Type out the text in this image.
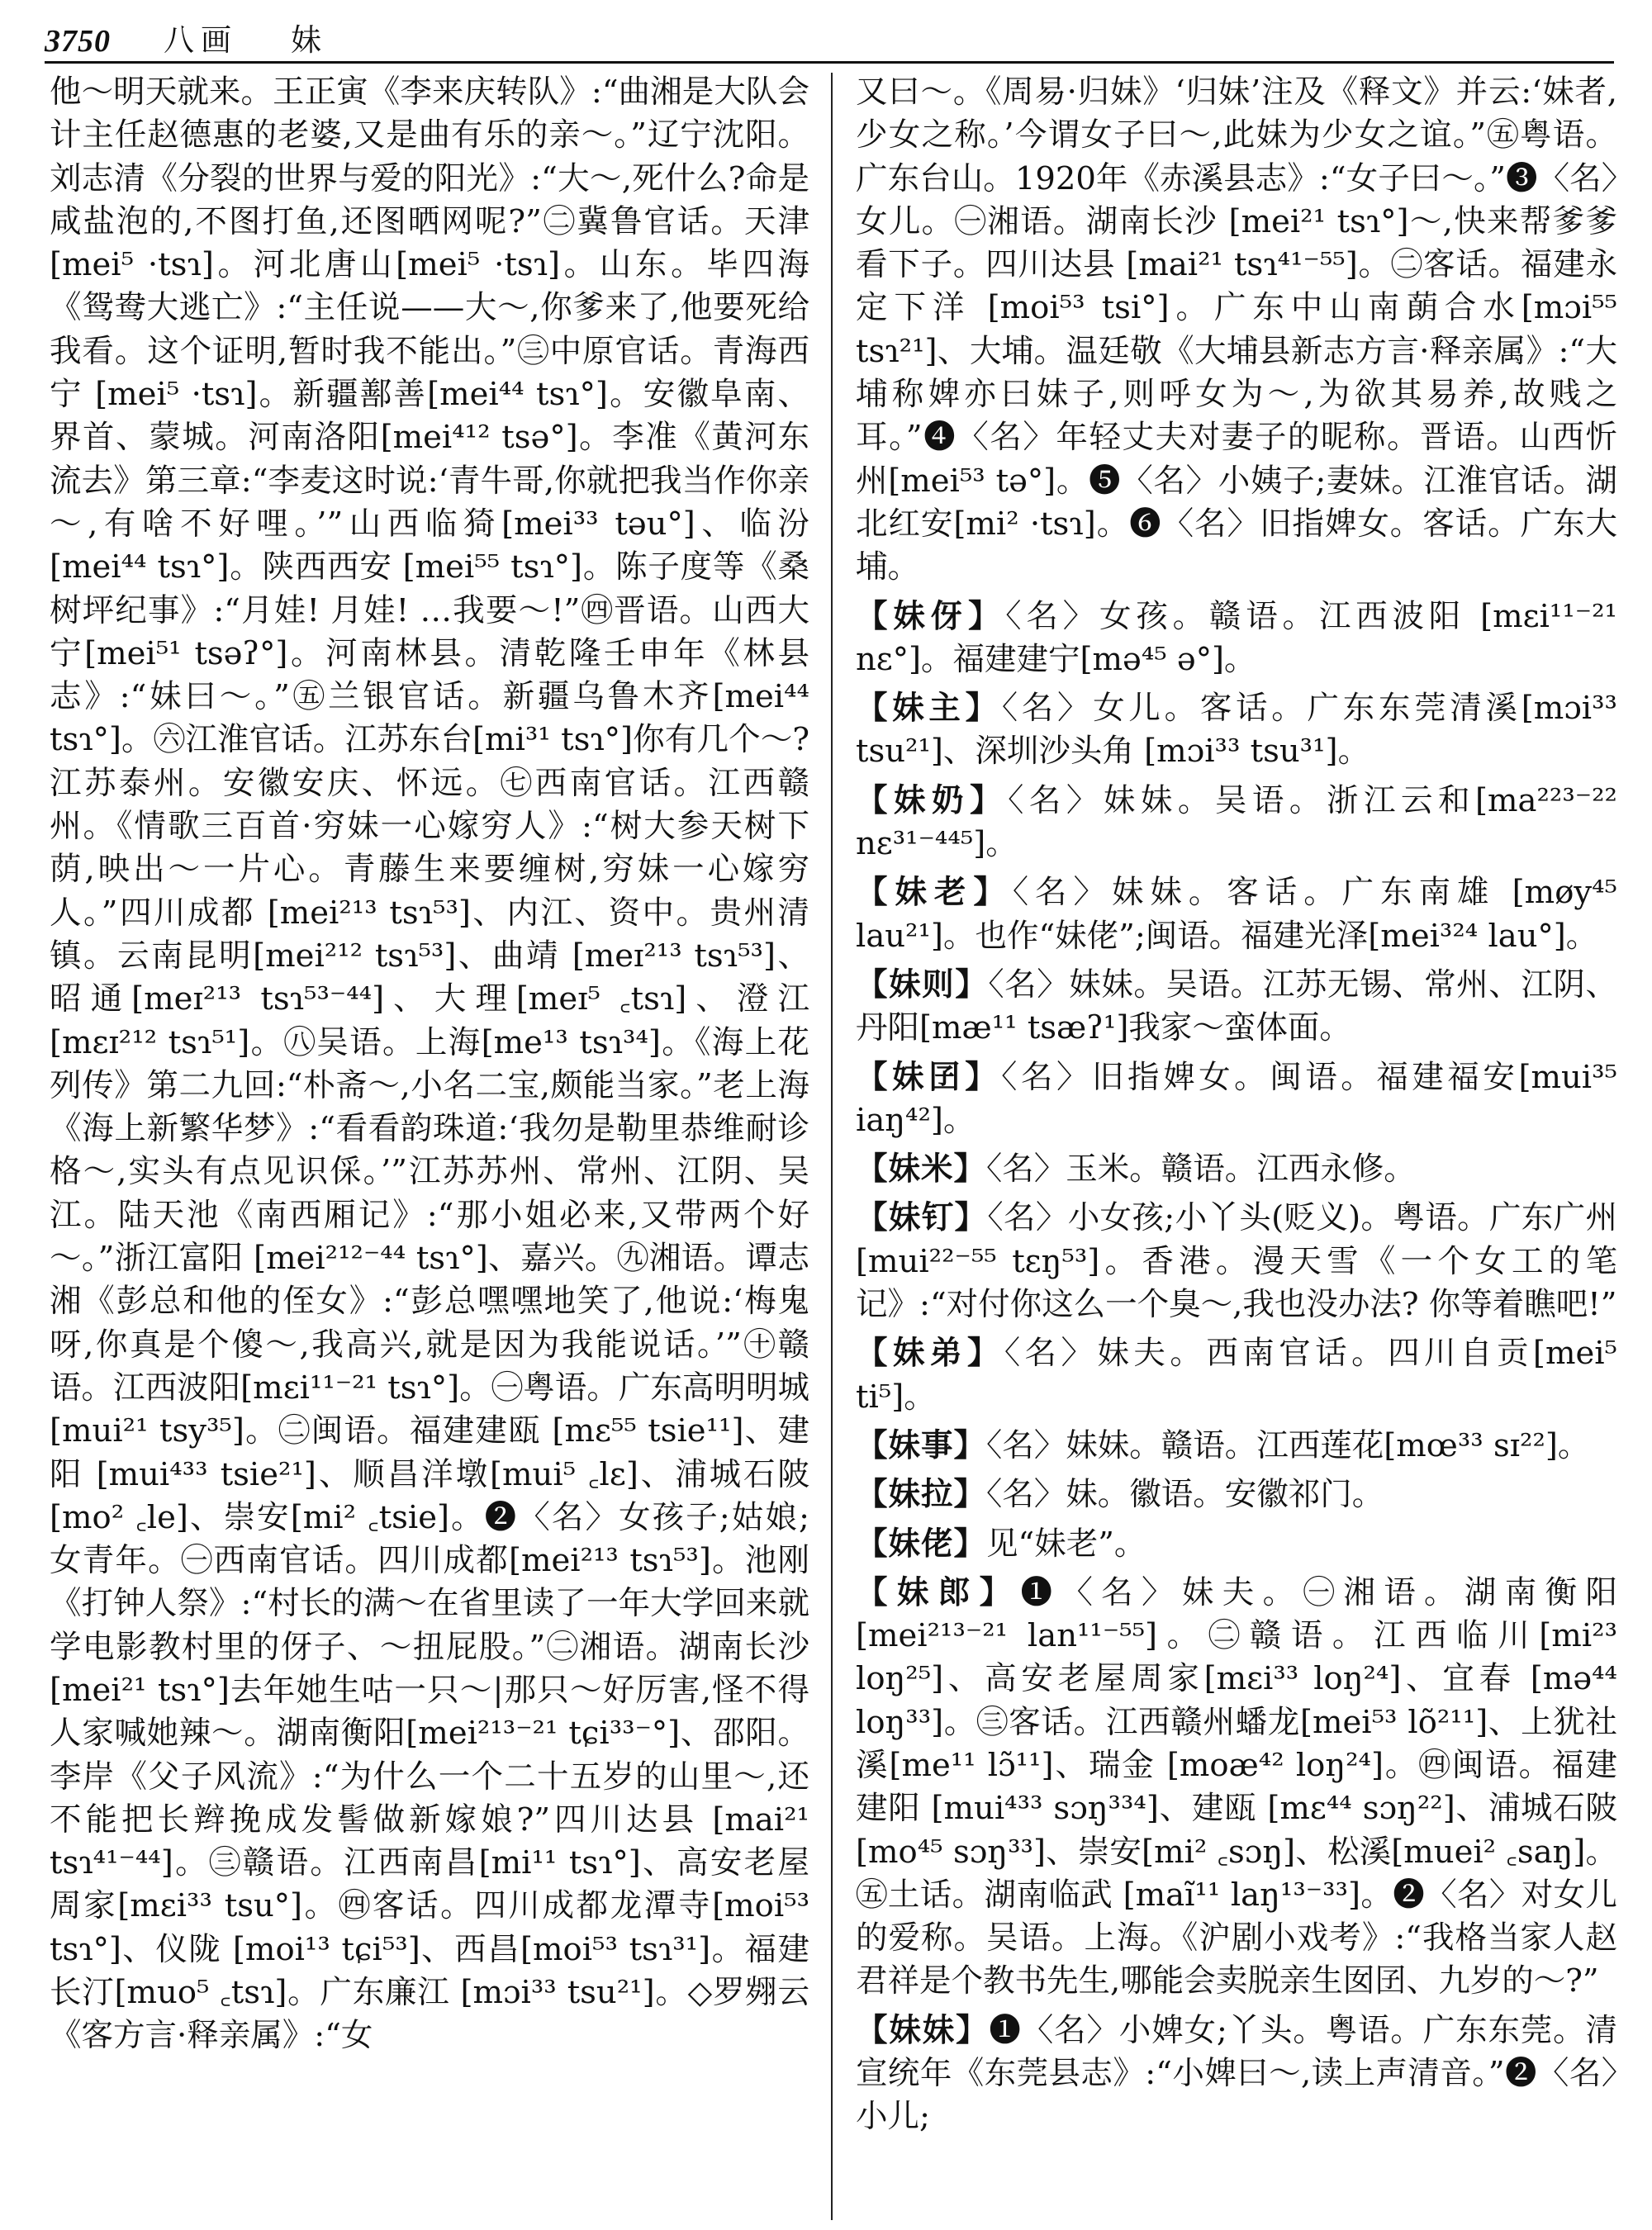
3750 八画 妹

他～明天就来。王正寅《李来庆转队》:“曲湘是大队会计主任赵德惠的老婆,又是曲有乐的亲～。”辽宁沈阳。刘志清《分裂的世界与爱的阳光》:“大～,死什么?命是咸盐泡的,不图打鱼,还图晒网呢?”㊁冀鲁官话。天津[mei⁵ ·tsɿ]。河北唐山[mei⁵ ·tsɿ]。山东。毕四海《鸳鸯大逃亡》:“主任说——大～,你爹来了,他要死给我看。这个证明,暂时我不能出。”㊂中原官话。青海西宁 [mei⁵ ·tsɿ]。新疆鄯善[mei⁴⁴ tsɿ°]。安徽阜南、界首、蒙城。河南洛阳[mei⁴¹² tsə°]。李准《黄河东流去》第三章:“李麦这时说:‘青牛哥,你就把我当作你亲～,有啥不好哩。’”山西临猗[mei³³ təu°]、临汾 [mei⁴⁴ tsɿ°]。陕西西安 [mei⁵⁵ tsɿ°]。陈子度等《桑树坪纪事》:“月娃! 月娃! …我要～!”㊃晋语。山西大宁[mei⁵¹ tsəʔ°]。河南林县。清乾隆壬申年《林县志》:“妹曰～。”㊄兰银官话。新疆乌鲁木齐[mei⁴⁴ tsɿ°]。㊅江淮官话。江苏东台[mi³¹ tsɿ°]你有几个～? 江苏泰州。安徽安庆、怀远。㊆西南官话。江西赣州。《情歌三百首·穷妹一心嫁穷人》:“树大参天树下荫,映出～一片心。青藤生来要缠树,穷妹一心嫁穷人。”四川成都 [mei²¹³ tsɿ⁵³]、内江、资中。贵州清镇。云南昆明[mei²¹² tsɿ⁵³]、曲靖 [meɪ²¹³ tsɿ⁵³]、昭通[meɪ²¹³ tsɿ⁵³⁻⁴⁴]、大理[meɪ⁵ ꜀tsɿ]、澄江[mɛɪ²¹² tsɿ⁵¹]。㊇吴语。上海[me¹³ tsɿ³⁴]。《海上花列传》第二九回:“朴斋～,小名二宝,颇能当家。”老上海《海上新繁华梦》:“看看韵珠道:‘我勿是勒里恭维耐诊格～,实头有点见识倸。’”江苏苏州、常州、江阴、吴江。陆天池《南西厢记》:“那小姐必来,又带两个好～。”浙江富阳 [mei²¹²⁻⁴⁴ tsɿ°]、嘉兴。㊈湘语。谭志湘《彭总和他的侄女》:“彭总嘿嘿地笑了,他说:‘梅鬼呀,你真是个傻～,我高兴,就是因为我能说话。’”㊉赣语。江西波阳[mɛi¹¹⁻²¹ tsɿ°]。㊀粤语。广东高明明城 [mui²¹ tsy³⁵]。㊁闽语。福建建瓯 [mɛ⁵⁵ tsie¹¹]、建阳 [mui⁴³³ tsie²¹]、顺昌洋墩[mui⁵ ꜀lɛ]、浦城石陂 [mo² ꜀le]、崇安[mi² ꜀tsie]。❷〈名〉女孩子;姑娘;女青年。㊀西南官话。四川成都[mei²¹³ tsɿ⁵³]。池刚《打钟人祭》:“村长的满～在省里读了一年大学回来就学电影教村里的伢子、～扭屁股。”㊁湘语。湖南长沙[mei²¹ tsɿ°]去年她生咕一只～|那只～好厉害,怪不得人家喊她辣～。湖南衡阳[mei²¹³⁻²¹ tɕi³³⁻°]、邵阳。李岸《父子风流》:“为什么一个二十五岁的山里～,还不能把长辫挽成发髻做新嫁娘?”四川达县 [mai²¹ tsɿ⁴¹⁻⁴⁴]。㊂赣语。江西南昌[mi¹¹ tsɿ°]、高安老屋周家[mɛi³³ tsu°]。㊃客话。四川成都龙潭寺[moi⁵³ tsɿ°]、仪陇 [moi¹³ tɕi⁵³]、西昌[moi⁵³ tsɿ³¹]。福建长汀[muo⁵ ꜀tsɿ]。广东廉江 [mɔi³³ tsu²¹]。◇罗翙云《客方言·释亲属》:“女

又曰～。《周易·归妹》‘归妹’注及《释文》并云:‘妹者,少女之称。’今谓女子曰～,此妹为少女之谊。”㊄粤语。广东台山。1920年《赤溪县志》:“女子曰～。”❸〈名〉女儿。㊀湘语。湖南长沙 [mei²¹ tsɿ°]～,快来帮爹爹看下子。四川达县 [mai²¹ tsɿ⁴¹⁻⁵⁵]。㊁客话。福建永定下洋 [moi⁵³ tsi°]。广东中山南蓢合水[mɔi⁵⁵ tsɿ²¹]、大埔。温廷敬《大埔县新志方言·释亲属》:“大埔称婢亦曰妹子,则呼女为～,为欲其易养,故贱之耳。”❹〈名〉年轻丈夫对妻子的昵称。晋语。山西忻州[mei⁵³ tə°]。❺〈名〉小姨子;妻妹。江淮官话。湖北红安[mi² ·tsɿ]。❻〈名〉旧指婢女。客话。广东大埔。

【妹伢】〈名〉女孩。赣语。江西波阳 [mɛi¹¹⁻²¹ nɛ°]。福建建宁[mə⁴⁵ ə°]。

【妹主】〈名〉女儿。客话。广东东莞清溪[mɔi³³ tsu²¹]、深圳沙头角 [mɔi³³ tsu³¹]。

【妹奶】〈名〉妹妹。吴语。浙江云和[ma²²³⁻²² nɛ³¹⁻⁴⁴⁵]。

【妹老】〈名〉妹妹。客话。广东南雄 [møy⁴⁵ lau²¹]。也作“妹佬”;闽语。福建光泽[mei³²⁴ lau°]。

【妹则】〈名〉妹妹。吴语。江苏无锡、常州、江阴、丹阳[mæ¹¹ tsæʔ¹]我家～蛮体面。

【妹囝】〈名〉旧指婢女。闽语。福建福安[mui³⁵ iaŋ⁴²]。

【妹米】〈名〉玉米。赣语。江西永修。

【妹钉】〈名〉小女孩;小丫头(贬义)。粤语。广东广州[mui²²⁻⁵⁵ tɛŋ⁵³]。香港。漫天雪《一个女工的笔记》:“对付你这么一个臭～,我也没办法? 你等着瞧吧!”

【妹弟】〈名〉妹夫。西南官话。四川自贡[mei⁵ ti⁵]。

【妹事】〈名〉妹妹。赣语。江西莲花[mœ³³ sɪ²²]。

【妹拉】〈名〉妹。徽语。安徽祁门。

【妹佬】见“妹老”。

【妹郎】❶〈名〉妹夫。㊀湘语。湖南衡阳 [mei²¹³⁻²¹ lan¹¹⁻⁵⁵]。㊁赣语。江西临川[mi²³ loŋ²⁵]、高安老屋周家[mɛi³³ loŋ²⁴]、宜春 [mə⁴⁴ loŋ³³]。㊂客话。江西赣州蟠龙[mei⁵³ lõ²¹¹]、上犹社溪[me¹¹ lɔ̃¹¹]、瑞金 [moæ⁴² loŋ²⁴]。㊃闽语。福建建阳 [mui⁴³³ sɔŋ³³⁴]、建瓯 [mɛ⁴⁴ sɔŋ²²]、浦城石陂 [mo⁴⁵ sɔŋ³³]、崇安[mi² ꜀sɔŋ]、松溪[muei² ꜀saŋ]。㊄土话。湖南临武 [maĩ¹¹ laŋ¹³⁻³³]。❷〈名〉对女儿的爱称。吴语。上海。《沪剧小戏考》:“我格当家人赵君祥是个教书先生,哪能会卖脱亲生囡囝、九岁的～?”

【妹妹】❶〈名〉小婢女;丫头。粤语。广东东莞。清宣统年《东莞县志》:“小婢曰～,读上声清音。”❷〈名〉小儿;
